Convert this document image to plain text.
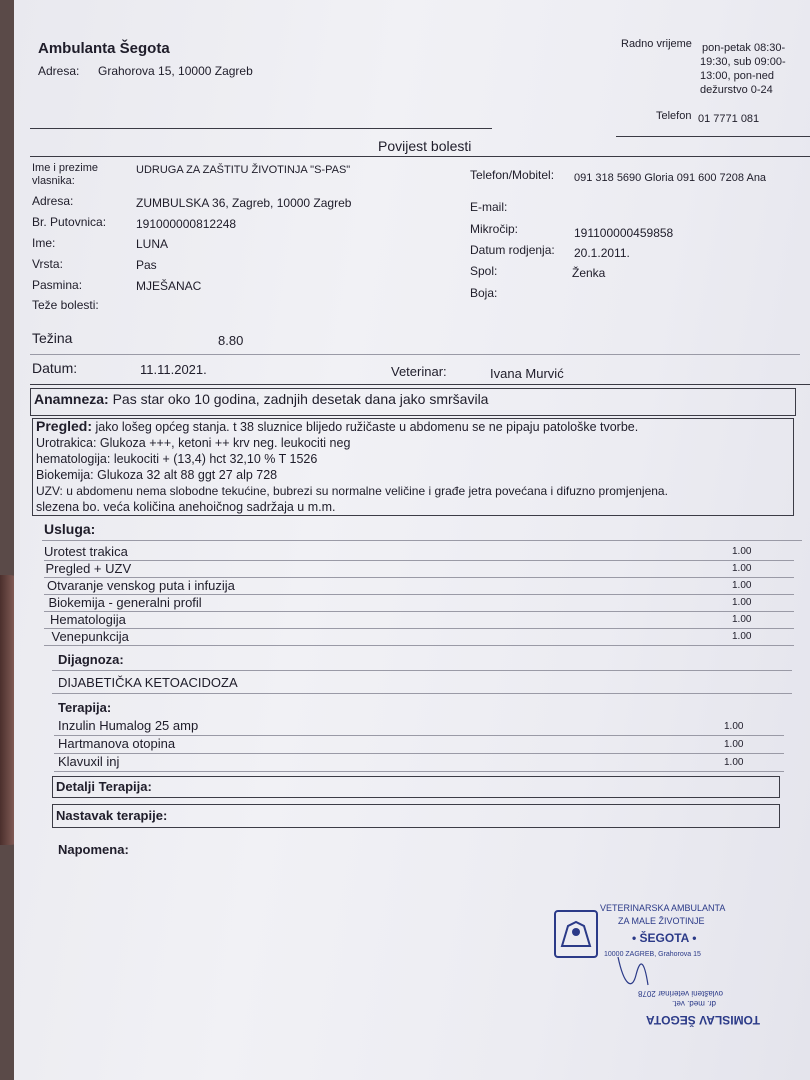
Ambulanta Šegota
Adresa: Grahorova 15, 10000 Zagreb
Radno vrijeme pon-petak 08:30-
19:30, sub 09:00-
13:00, pon-ned
dežurstvo 0-24
Telefon 01 7771 081
Povijest bolesti
Ime i prezime
vlasnika:
UDRUGA ZA ZAŠTITU ŽIVOTINJA "S-PAS"	Telefon/Mobitel: 091 318 5690 Gloria 091 600 7208 Ana
Adresa:	ZUMBULSKA 36, Zagreb, 10000 Zagreb	E-mail:
Br. Putovnica: 191000000812248	Mikročip:	191100000459858
Ime:	LUNA	Datum rodjenja: 20.1.2011.
Vrsta:	Pas	Spol:	Ženka
Pasmina:	MJEŠANAC	Boja:
Teže bolesti:
Težina	8.80
Datum:	11.11.2021.	Veterinar:	Ivana Murvić
Anamneza: Pas star oko 10 godina, zadnjih desetak dana jako smršavila
Pregled: jako lošeg općeg stanja. t 38 sluznice blijedo ružičaste u abdomenu se ne pipaju patološke tvorbe.
Urotrakica: Glukoza +++, ketoni ++ krv neg. leukociti neg
hematologija: leukociti + (13,4) hct 32,10 % T 1526
Biokemija: Glukoza 32 alt 88 ggt 27 alp 728
UZV: u abdomenu nema slobodne tekućine, bubrezi su normalne veličine i građe jetra povećana i difuzno promjenjena.
slezena bo. veća količina anehoičnog sadržaja u m.m.
Usluga:
Dijagnoza:
DIJABETIČKA KETOACIDOZA
Terapija:
Detalji Terapija:
Nastavak terapije:
Napomena:
VETERINARSKA AMBULANTA
ZA MALE ŽIVOTINJE
• ŠEGOTA •
10000 ZAGREB, Grahorova 15
TOMISLAV ŠEGOTA
dr. med. vet.
ovlašteni veterinar 2078
Urotest trakica	1.00
Pregled + UZV	1.00
Otvaranje venskog puta i infuzija	1.00
Biokemija - generalni profil	1.00
Hematologija	1.00
Venepunkcija	1.00
Inzulin Humalog 25 amp	1.00
Hartmanova otopina	1.00
Klavuxil inj	1.00
